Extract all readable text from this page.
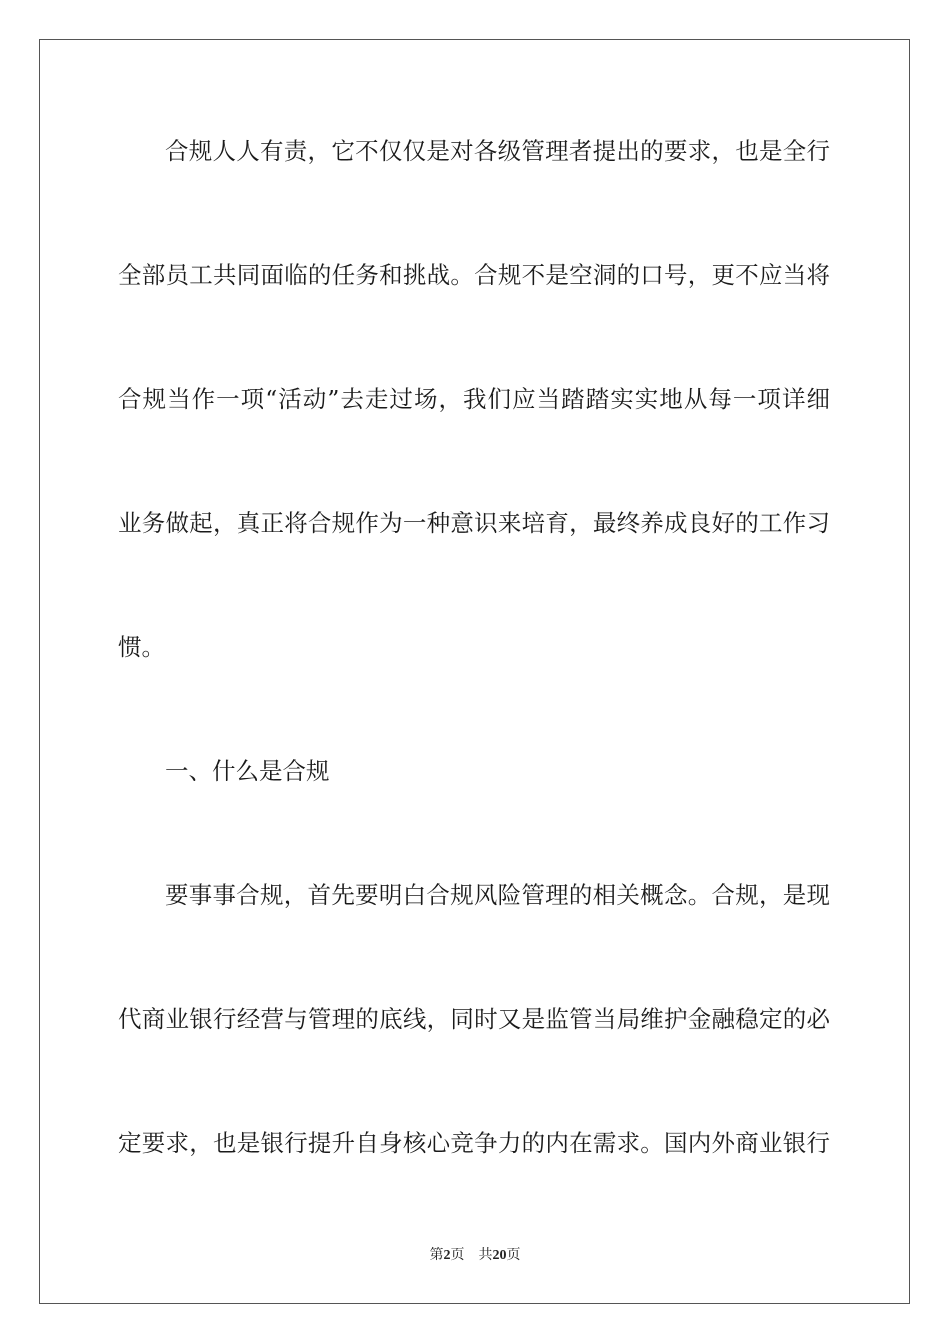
合规人人有责，它不仅仅是对各级管理者提出的要求，也是全行
全部员工共同面临的任务和挑战。合规不是空洞的口号，更不应当将
合规当作一项“活动”去走过场，我们应当踏踏实实地从每一项详细
业务做起，真正将合规作为一种意识来培育，最终养成良好的工作习
惯。
一、什么是合规
要事事合规，首先要明白合规风险管理的相关概念。合规，是现
代商业银行经营与管理的底线，同时又是监管当局维护金融稳定的必
定要求，也是银行提升自身核心竞争力的内在需求。国内外商业银行
第2页　共20页
